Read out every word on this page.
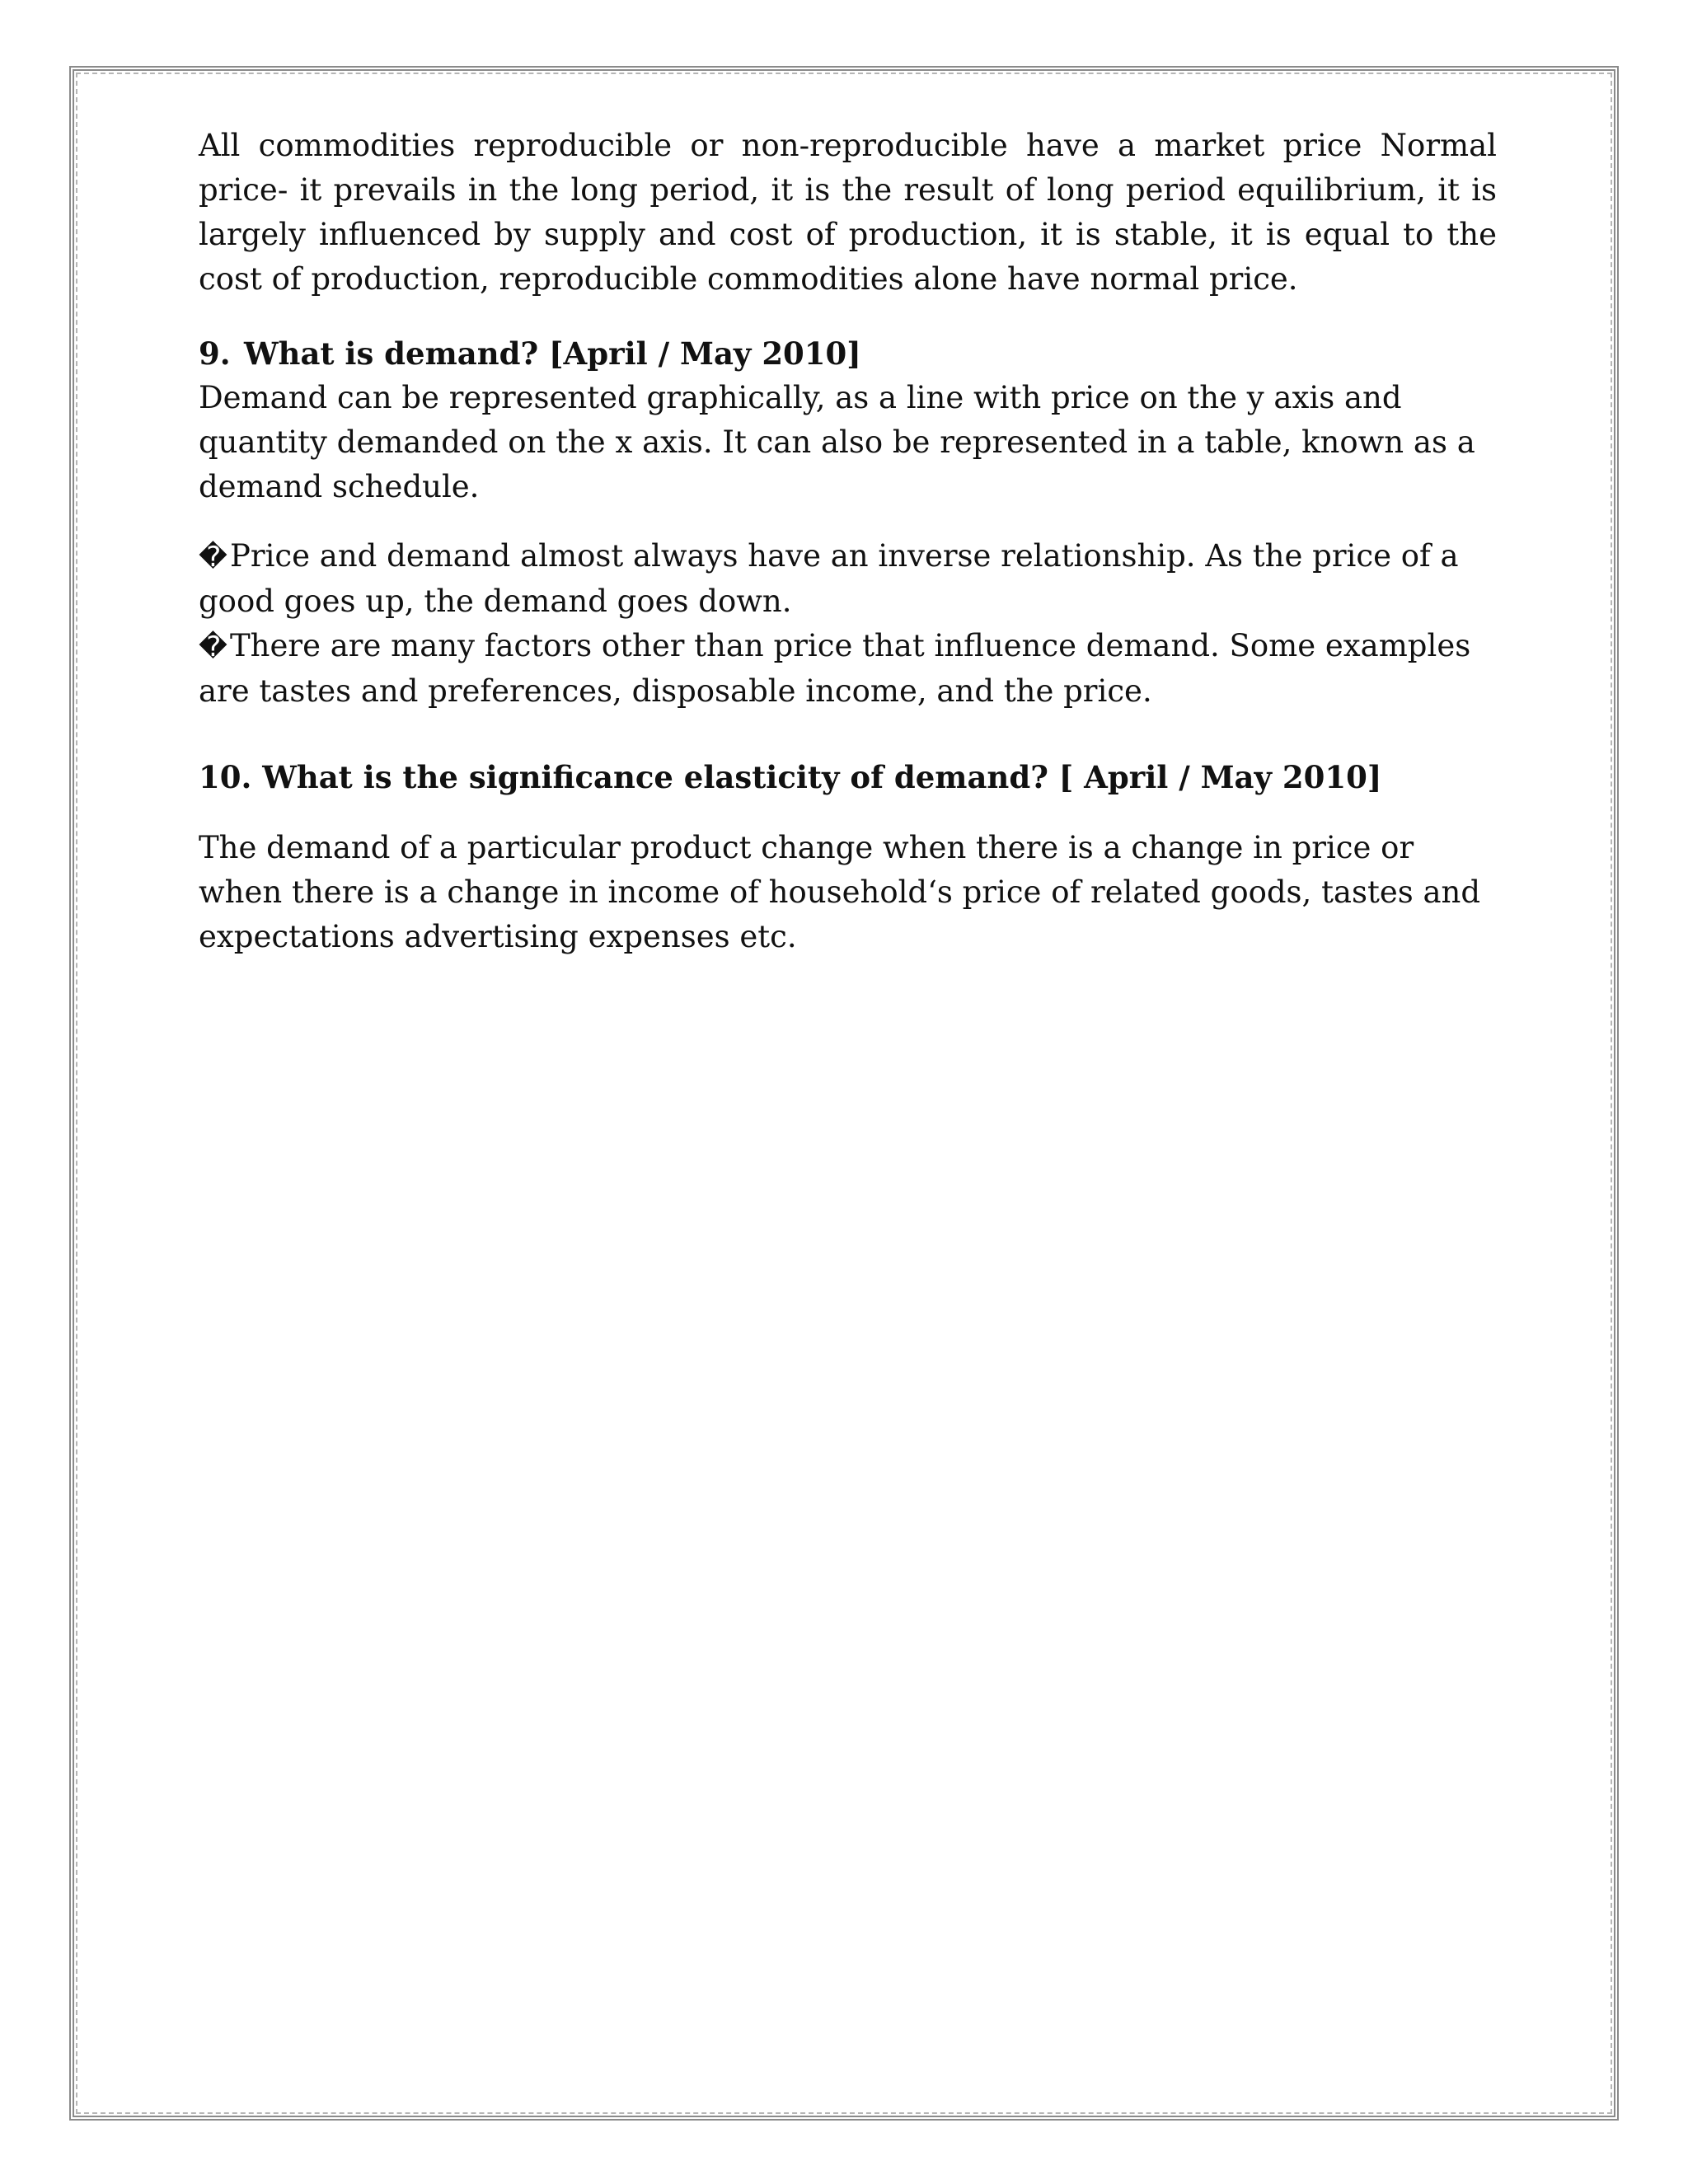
All commodities reproducible or non-reproducible have a market price Normal price- it prevails in the long period, it is the result of long period equilibrium, it is largely influenced by supply and cost of production, it is stable, it is equal to the cost of production, reproducible commodities alone have normal price.

9. What is demand? [April / May 2010]

Demand can be represented graphically, as a line with price on the y axis and quantity demanded on the x axis. It can also be represented in a table, known as a demand schedule.

�Price and demand almost always have an inverse relationship. As the price of a good goes up, the demand goes down.

�There are many factors other than price that influence demand. Some examples are tastes and preferences, disposable income, and the price.

10. What is the significance elasticity of demand? [ April / May 2010]

The demand of a particular product change when there is a change in price or when there is a change in income of household‘s price of related goods, tastes and expectations advertising expenses etc.
